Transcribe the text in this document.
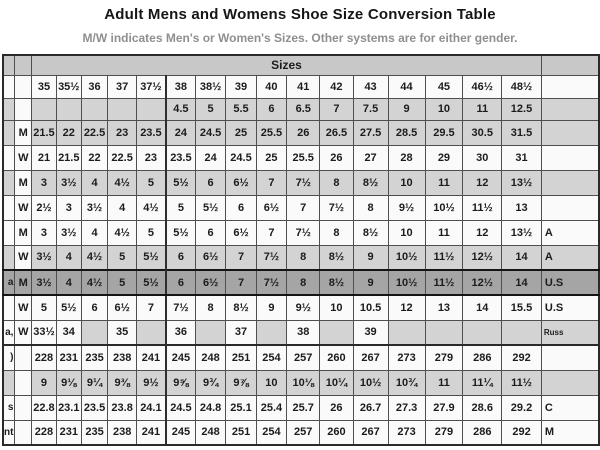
Adult Mens and Womens Shoe Size Conversion Table
M/W indicates Men's or Women's Sizes. Other systems are for either gender.
		Sizes																
		35	35½	36	37	37½	38	38½	39	40	41	42	43	44	45	46½	48½	
							4.5	5	5.5	6	6.5	7	7.5	9	10	11	12.5	
	M	21.5	22	22.5	23	23.5	24	24.5	25	25.5	26	26.5	27.5	28.5	29.5	30.5	31.5	
	W	21	21.5	22	22.5	23	23.5	24	24.5	25	25.5	26	27	28	29	30	31	
	M	3	3½	4	4½	5	5½	6	6½	7	7½	8	8½	10	11	12	13½	
	W	2½	3	3½	4	4½	5	5½	6	6½	7	7½	8	9½	10½	11½	13	
	M	3	3½	4	4½	5	5½	6	6½	7	7½	8	8½	10	11	12	13½	A
	W	3½	4	4½	5	5½	6	6½	7	7½	8	8½	9	10½	11½	12½	14	A
a	M	3½	4	4½	5	5½	6	6½	7	7½	8	8½	9	10½	11½	12½	14	U.S
	W	5	5½	6	6½	7	7½	8	8½	9	9½	10	10.5	12	13	14	15.5	U.S
a,	W	33½	34		35		36		37		38		39					Russ
)		228	231	235	238	241	245	248	251	254	257	260	267	273	279	286	292	
		9	9⅛	9¼	9⅜	9½	9⅝	9¾	9⅞	10	10⅛	10¼	10½	10¾	11	11¼	11½	
s		22.8	23.1	23.5	23.8	24.1	24.5	24.8	25.1	25.4	25.7	26	26.7	27.3	27.9	28.6	29.2	C
nt		228	231	235	238	241	245	248	251	254	257	260	267	273	279	286	292	M
